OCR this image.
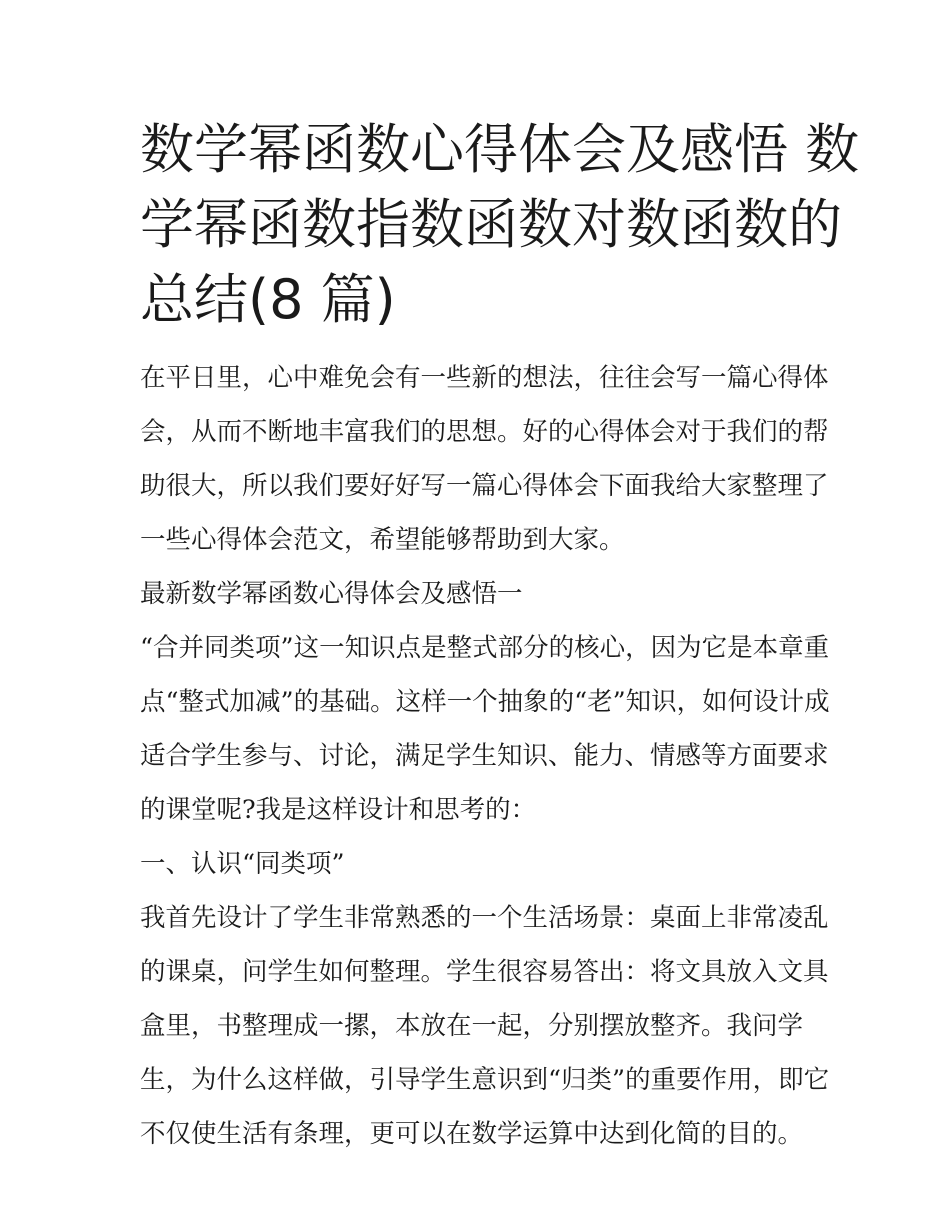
数学幂函数心得体会及感悟 数
学幂函数指数函数对数函数的
总结(8 篇)
在平日里，心中难免会有一些新的想法，往往会写一篇心得体
会，从而不断地丰富我们的思想。好的心得体会对于我们的帮
助很大，所以我们要好好写一篇心得体会下面我给大家整理了
一些心得体会范文，希望能够帮助到大家。
最新数学幂函数心得体会及感悟一
“合并同类项”这一知识点是整式部分的核心，因为它是本章重
点“整式加减”的基础。这样一个抽象的“老”知识，如何设计成
适合学生参与、讨论，满足学生知识、能力、情感等方面要求
的课堂呢?我是这样设计和思考的：
一、认识“同类项”
我首先设计了学生非常熟悉的一个生活场景：桌面上非常凌乱
的课桌，问学生如何整理。学生很容易答出：将文具放入文具
盒里，书整理成一摞，本放在一起，分别摆放整齐。我问学
生，为什么这样做，引导学生意识到“归类”的重要作用，即它
不仅使生活有条理，更可以在数学运算中达到化简的目的。
